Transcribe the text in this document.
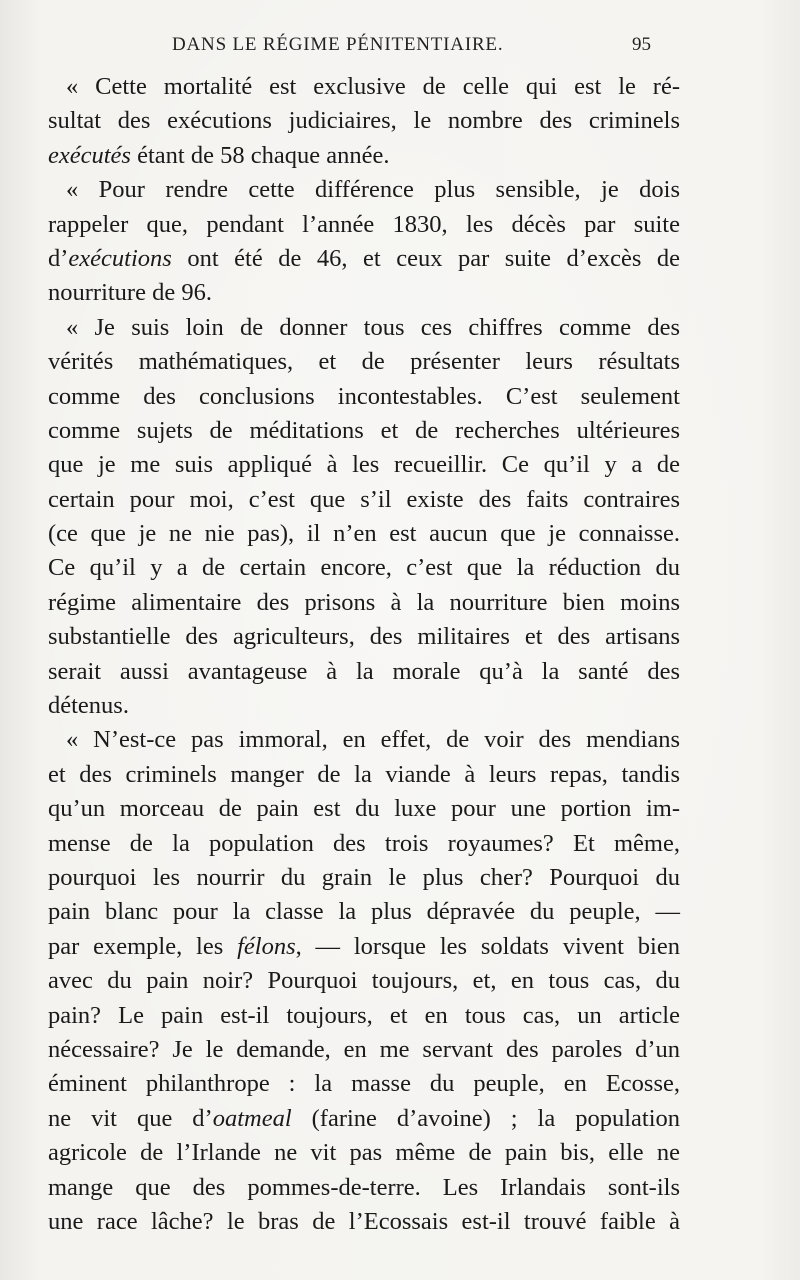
DANS LE RÉGIME PÉNITENTIAIRE.	95
« Cette mortalité est exclusive de celle qui est le ré-
sultat des exécutions judiciaires, le nombre des criminels
exécutés étant de 58 chaque année.
« Pour rendre cette différence plus sensible, je dois
rappeler que, pendant l’année 1830, les décès par suite
d’exécutions ont été de 46, et ceux par suite d’excès de
nourriture de 96.
« Je suis loin de donner tous ces chiffres comme des
vérités mathématiques, et de présenter leurs résultats
comme des conclusions incontestables. C’est seulement
comme sujets de méditations et de recherches ultérieures
que je me suis appliqué à les recueillir. Ce qu’il y a de
certain pour moi, c’est que s’il existe des faits contraires
(ce que je ne nie pas), il n’en est aucun que je connaisse.
Ce qu’il y a de certain encore, c’est que la réduction du
régime alimentaire des prisons à la nourriture bien moins
substantielle des agriculteurs, des militaires et des artisans
serait aussi avantageuse à la morale qu’à la santé des
détenus.
« N’est-ce pas immoral, en effet, de voir des mendians
et des criminels manger de la viande à leurs repas, tandis
qu’un morceau de pain est du luxe pour une portion im-
mense de la population des trois royaumes? Et même,
pourquoi les nourrir du grain le plus cher? Pourquoi du
pain blanc pour la classe la plus dépravée du peuple, —
par exemple, les félons, — lorsque les soldats vivent bien
avec du pain noir? Pourquoi toujours, et, en tous cas, du
pain? Le pain est-il toujours, et en tous cas, un article
nécessaire? Je le demande, en me servant des paroles d’un
éminent philanthrope : la masse du peuple, en Ecosse,
ne vit que d’oatmeal (farine d’avoine) ; la population
agricole de l’Irlande ne vit pas même de pain bis, elle ne
mange que des pommes-de-terre. Les Irlandais sont-ils
une race lâche? le bras de l’Ecossais est-il trouvé faible à
